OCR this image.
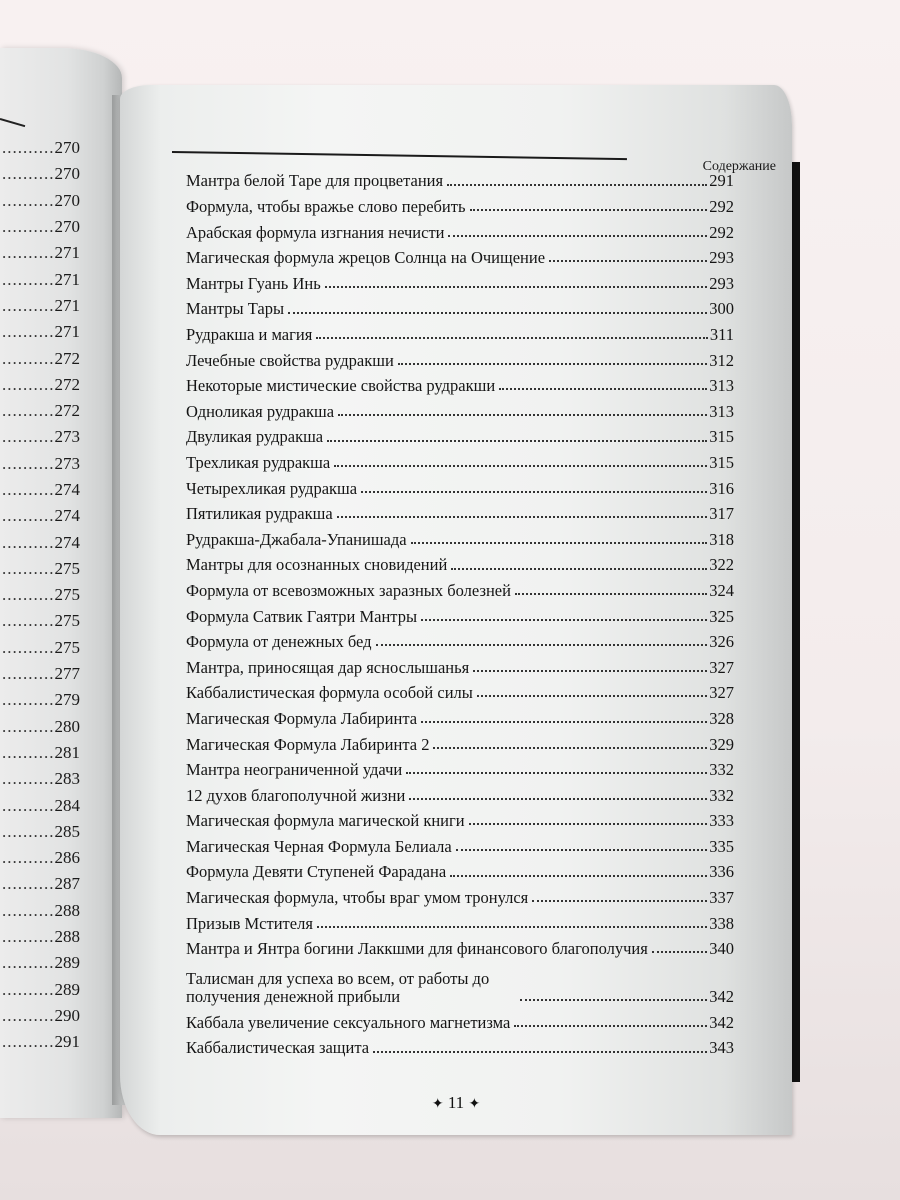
.......... 270
.......... 270
.......... 270
.......... 270
.......... 271
.......... 271
.......... 271
.......... 271
.......... 272
.......... 272
.......... 272
.......... 273
.......... 273
.......... 274
.......... 274
.......... 274
.......... 275
.......... 275
.......... 275
.......... 275
.......... 277
.......... 279
.......... 280
.......... 281
.......... 283
.......... 284
.......... 285
.......... 286
.......... 287
.......... 288
.......... 288
.......... 289
.......... 289
.......... 290
.......... 291
Содержание
Мантра белой Таре для процветания	291
Формула, чтобы вражье слово перебить	292
Арабская формула изгнания нечисти	292
Магическая формула жрецов Солнца на Очищение	293
Мантры Гуань Инь	293
Мантры Тары	300
Рудракша и магия	311
Лечебные свойства рудракши	312
Некоторые мистические свойства рудракши	313
Одноликая рудракша	313
Двуликая рудракша	315
Трехликая рудракша	315
Четырехликая рудракша	316
Пятиликая рудракша	317
Рудракша-Джабала-Упанишада	318
Мантры для осознанных сновидений	322
Формула от всевозможных заразных болезней	324
Формула Сатвик Гаятри Мантры	325
Формула от денежных бед	326
Мантра, приносящая дар яснослышанья	327
Каббалистическая формула особой силы	327
Магическая Формула Лабиринта	328
Магическая Формула Лабиринта 2	329
Мантра неограниченной удачи	332
12 духов благополучной жизни	332
Магическая формула магической книги	333
Магическая Черная Формула Белиала	335
Формула Девяти Ступеней Фарадана	336
Магическая формула, чтобы враг умом тронулся	337
Призыв Мстителя	338
Мантра и Янтра богини Лаккшми для финансового благополучия	340
Талисман для успеха во всем, от работы до получения денежной прибыли	342
Каббала увеличение сексуального магнетизма	342
Каббалистическая защита	343
✦ 11 ✦
